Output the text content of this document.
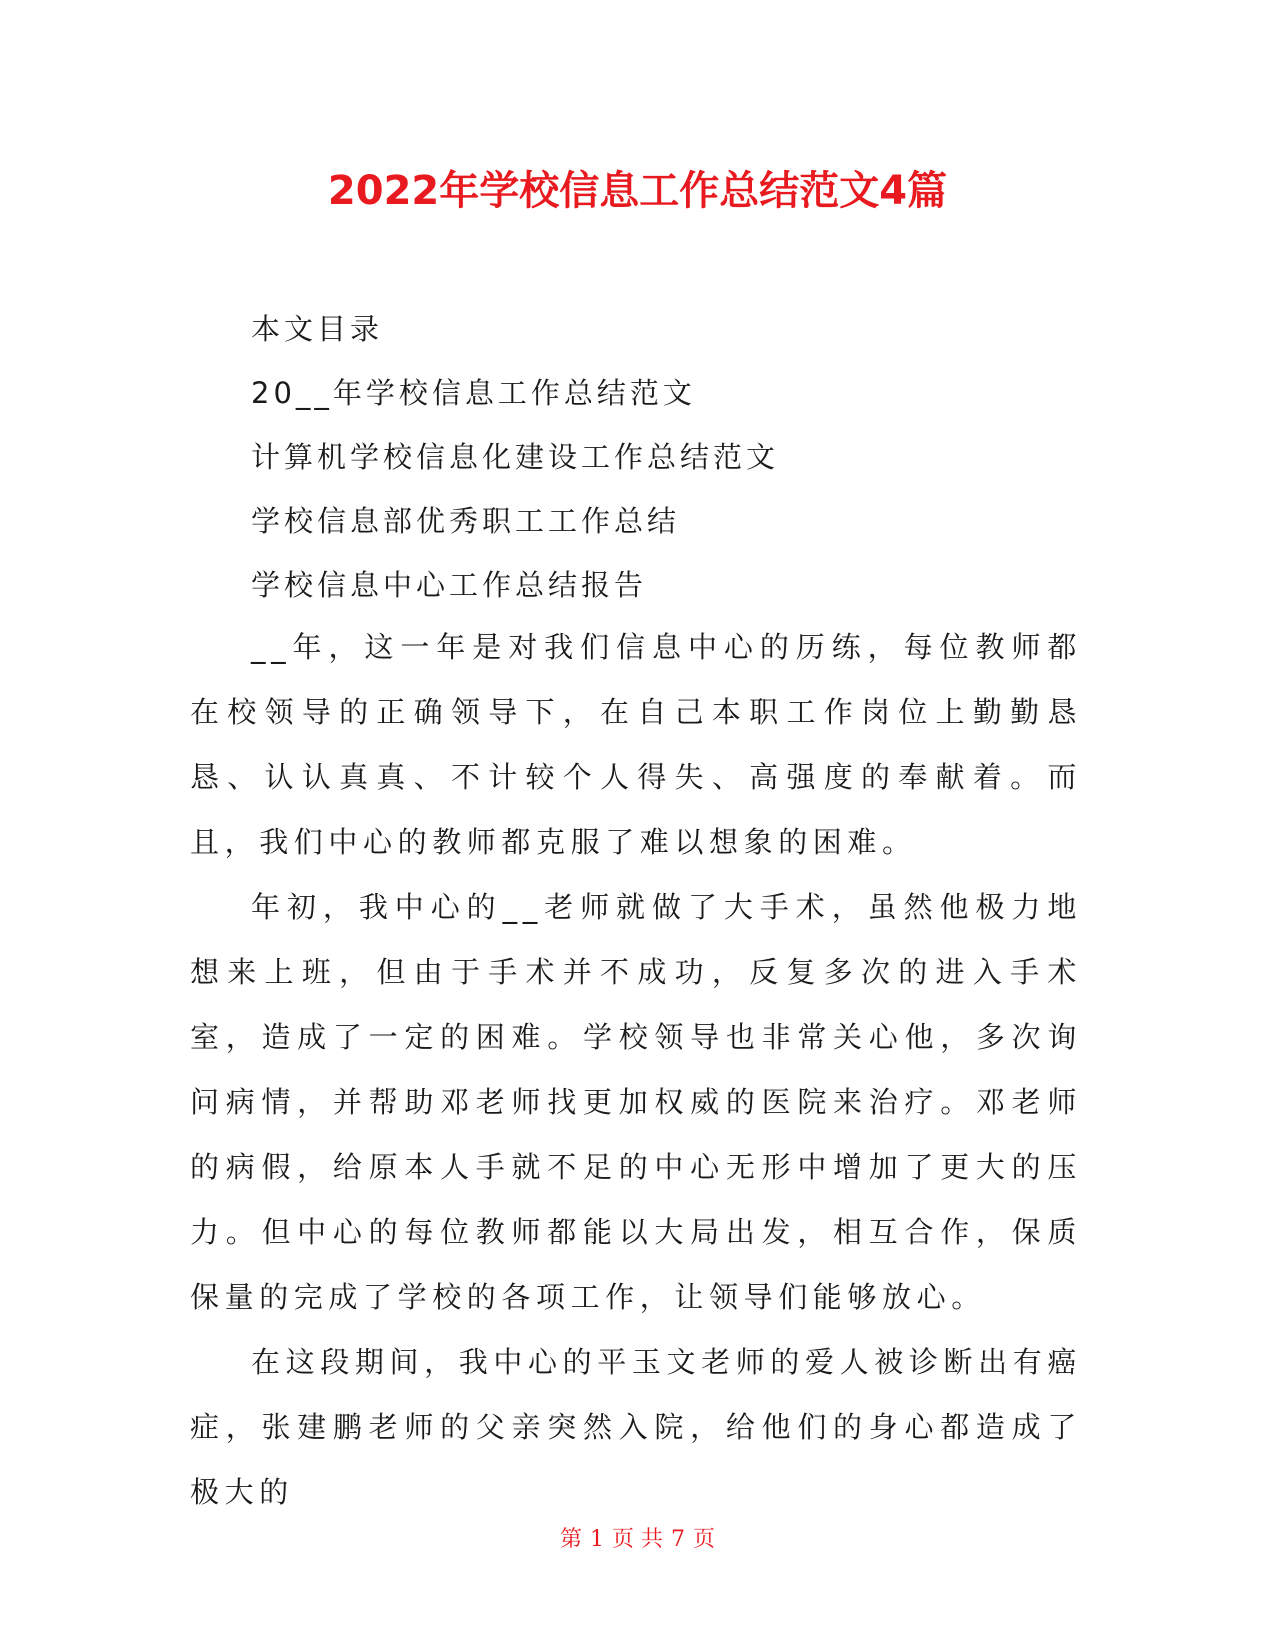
2022年学校信息工作总结范文4篇
本文目录
20__年学校信息工作总结范文
计算机学校信息化建设工作总结范文
学校信息部优秀职工工作总结
学校信息中心工作总结报告

__年，这一年是对我们信息中心的历练，每位教师都在校领导的正确领导下，在自己本职工作岗位上勤勤恳恳、认认真真、不计较个人得失、高强度的奉献着。而且，我们中心的教师都克服了难以想象的困难。

年初，我中心的__老师就做了大手术，虽然他极力地想来上班，但由于手术并不成功，反复多次的进入手术室，造成了一定的困难。学校领导也非常关心他，多次询问病情，并帮助邓老师找更加权威的医院来治疗。邓老师的病假，给原本人手就不足的中心无形中增加了更大的压力。但中心的每位教师都能以大局出发，相互合作，保质保量的完成了学校的各项工作，让领导们能够放心。

在这段期间，我中心的平玉文老师的爱人被诊断出有癌症，张建鹏老师的父亲突然入院，给他们的身心都造成了极大的

第 1 页 共 7 页
